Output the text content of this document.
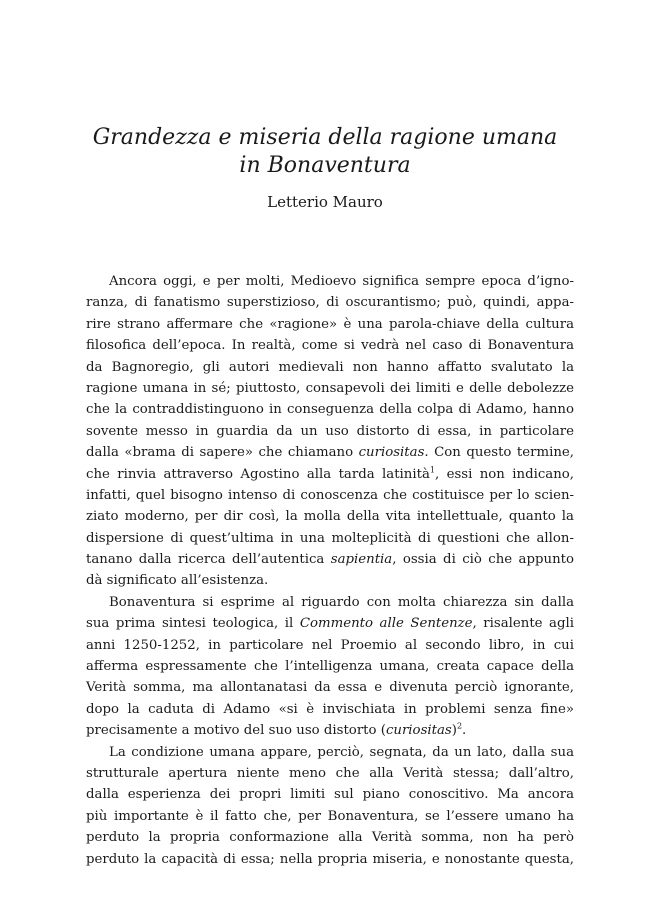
Grandezza e miseria della ragione umana
in Bonaventura
Letterio Mauro
Ancora oggi, e per molti, Medioevo significa sempre epoca d’igno-
ranza, di fanatismo superstizioso, di oscurantismo; può, quindi, appa-
rire strano affermare che «ragione» è una parola-chiave della cultura
filosofica dell’epoca. In realtà, come si vedrà nel caso di Bonaventura
da Bagnoregio, gli autori medievali non hanno affatto svalutato la
ragione umana in sé; piuttosto, consapevoli dei limiti e delle debolezze
che la contraddistinguono in conseguenza della colpa di Adamo, hanno
sovente messo in guardia da un uso distorto di essa, in particolare
dalla «brama di sapere» che chiamano curiositas. Con questo termine,
che rinvia attraverso Agostino alla tarda latinità$^1$, essi non indicano,
infatti, quel bisogno intenso di conoscenza che costituisce per lo scien-
ziato moderno, per dir così, la molla della vita intellettuale, quanto la
dispersione di quest’ultima in una molteplicità di questioni che allon-
tanano dalla ricerca dell’autentica sapientia, ossia di ciò che appunto
dà significato all’esistenza.
Bonaventura si esprime al riguardo con molta chiarezza sin dalla
sua prima sintesi teologica, il Commento alle Sentenze, risalente agli
anni 1250-1252, in particolare nel Proemio al secondo libro, in cui
afferma espressamente che l’intelligenza umana, creata capace della
Verità somma, ma allontanatasi da essa e divenuta perciò ignorante,
dopo la caduta di Adamo «si è invischiata in problemi senza fine»
precisamente a motivo del suo uso distorto (curiositas)$^2$.
La condizione umana appare, perciò, segnata, da un lato, dalla sua
strutturale apertura niente meno che alla Verità stessa; dall’altro,
dalla esperienza dei propri limiti sul piano conoscitivo. Ma ancora
più importante è il fatto che, per Bonaventura, se l’essere umano ha
perduto la propria conformazione alla Verità somma, non ha però
perduto la capacità di essa; nella propria miseria, e nonostante questa,
